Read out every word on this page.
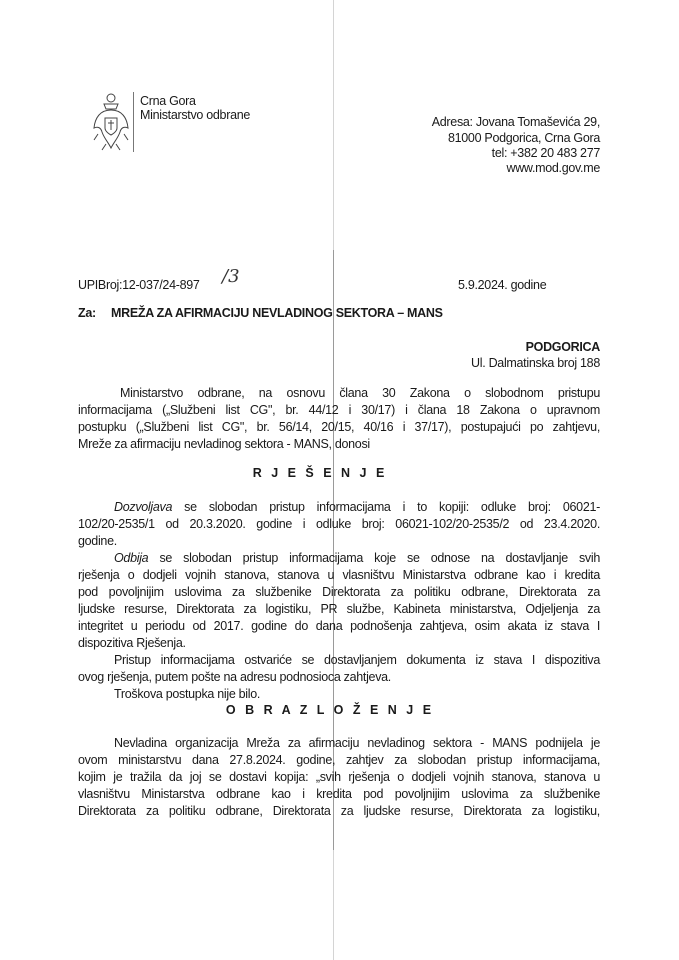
Crna Gora
Ministarstvo odbrane	Adresa: Jovana Tomaševića 29,
81000 Podgorica, Crna Gora
tel: +382 20 483 277
www.mod.gov.me
UPIBroj:12-037/24-897 /3	5.9.2024. godine
Za: MREŽA ZA AFIRMACIJU NEVLADINOG SEKTORA – MANS
PODGORICA
Ul. Dalmatinska broj 188
Ministarstvo odbrane, na osnovu člana 30 Zakona o slobodnom pristupu
informacijama („Službeni list CG", br. 44/12 i 30/17) i člana 18 Zakona o upravnom
postupku („Službeni list CG", br. 56/14, 20/15, 40/16 i 37/17), postupajući po zahtjevu,
Mreže za afirmaciju nevladinog sektora - MANS, donosi
R J E Š E N J E
Dozvoljava se slobodan pristup informacijama i to kopiji: odluke broj: 06021-
102/20-2535/1 od 20.3.2020. godine i odluke broj: 06021-102/20-2535/2 od 23.4.2020.
godine.
Odbija se slobodan pristup informacijama koje se odnose na dostavljanje svih
rješenja o dodjeli vojnih stanova, stanova u vlasništvu Ministarstva odbrane kao i kredita
pod povoljnijim uslovima za službenike Direktorata za politiku odbrane, Direktorata za
ljudske resurse, Direktorata za logistiku, PR službe, Kabineta ministarstva, Odjeljenja za
integritet u periodu od 2017. godine do dana podnošenja zahtjeva, osim akata iz stava I
dispozitiva Rješenja.
Pristup informacijama ostvariće se dostavljanjem dokumenta iz stava I dispozitiva
ovog rješenja, putem pošte na adresu podnosioca zahtjeva.
Troškova postupka nije bilo.
O B R A Z L O Ž E N J E
Nevladina organizacija Mreža za afirmaciju nevladinog sektora - MANS podnijela je
ovom ministarstvu dana 27.8.2024. godine, zahtjev za slobodan pristup informacijama,
kojim je tražila da joj se dostavi kopija: „svih rješenja o dodjeli vojnih stanova, stanova u
vlasništvu Ministarstva odbrane kao i kredita pod povoljnijim uslovima za službenike
Direktorata za politiku odbrane, Direktorata za ljudske resurse, Direktorata za logistiku,
